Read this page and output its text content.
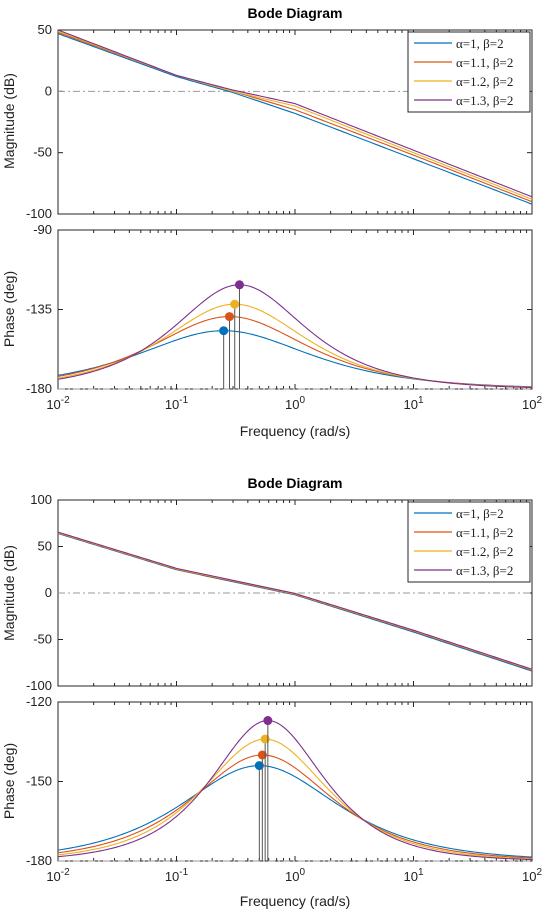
Bode Diagram
50
0
-50
-100
α=1, β=2
α=1.1, β=2
α=1.2, β=2
α=1.3, β=2
-90
-135
-180
$10^{-2}$	$10^{-1}$	$10^0$	$10^1$	$10^2$
Frequency (rad/s)
Magnitude (dB)
Phase (deg)
Bode Diagram
100
50
0
-50
-100
α=1, β=2
α=1.1, β=2
α=1.2, β=2
α=1.3, β=2
-120
-150
-180
$10^{-2}$	$10^{-1}$	$10^0$	$10^1$	$10^2$
Frequency (rad/s)
Magnitude (dB)
Phase (deg)
